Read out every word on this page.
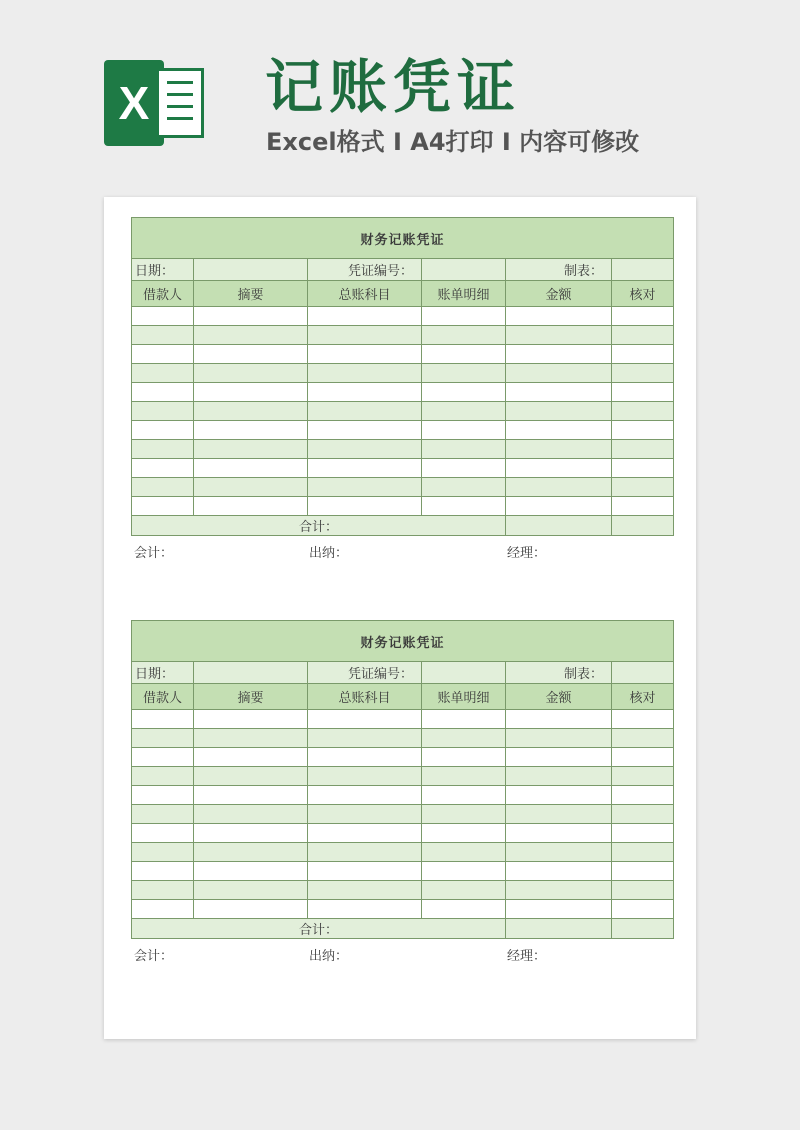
X 记账凭证
Excel格式 I A4打印 I 内容可修改
财务记账凭证					
日期：		凭证编号：		制表：	
借款人	摘要	总账科目	账单明细	金额	核对

合计：					
会计：	出纳：	经理：
财务记账凭证					
日期：		凭证编号：		制表：	
借款人	摘要	总账科目	账单明细	金额	核对

合计：					
会计：	出纳：	经理：
